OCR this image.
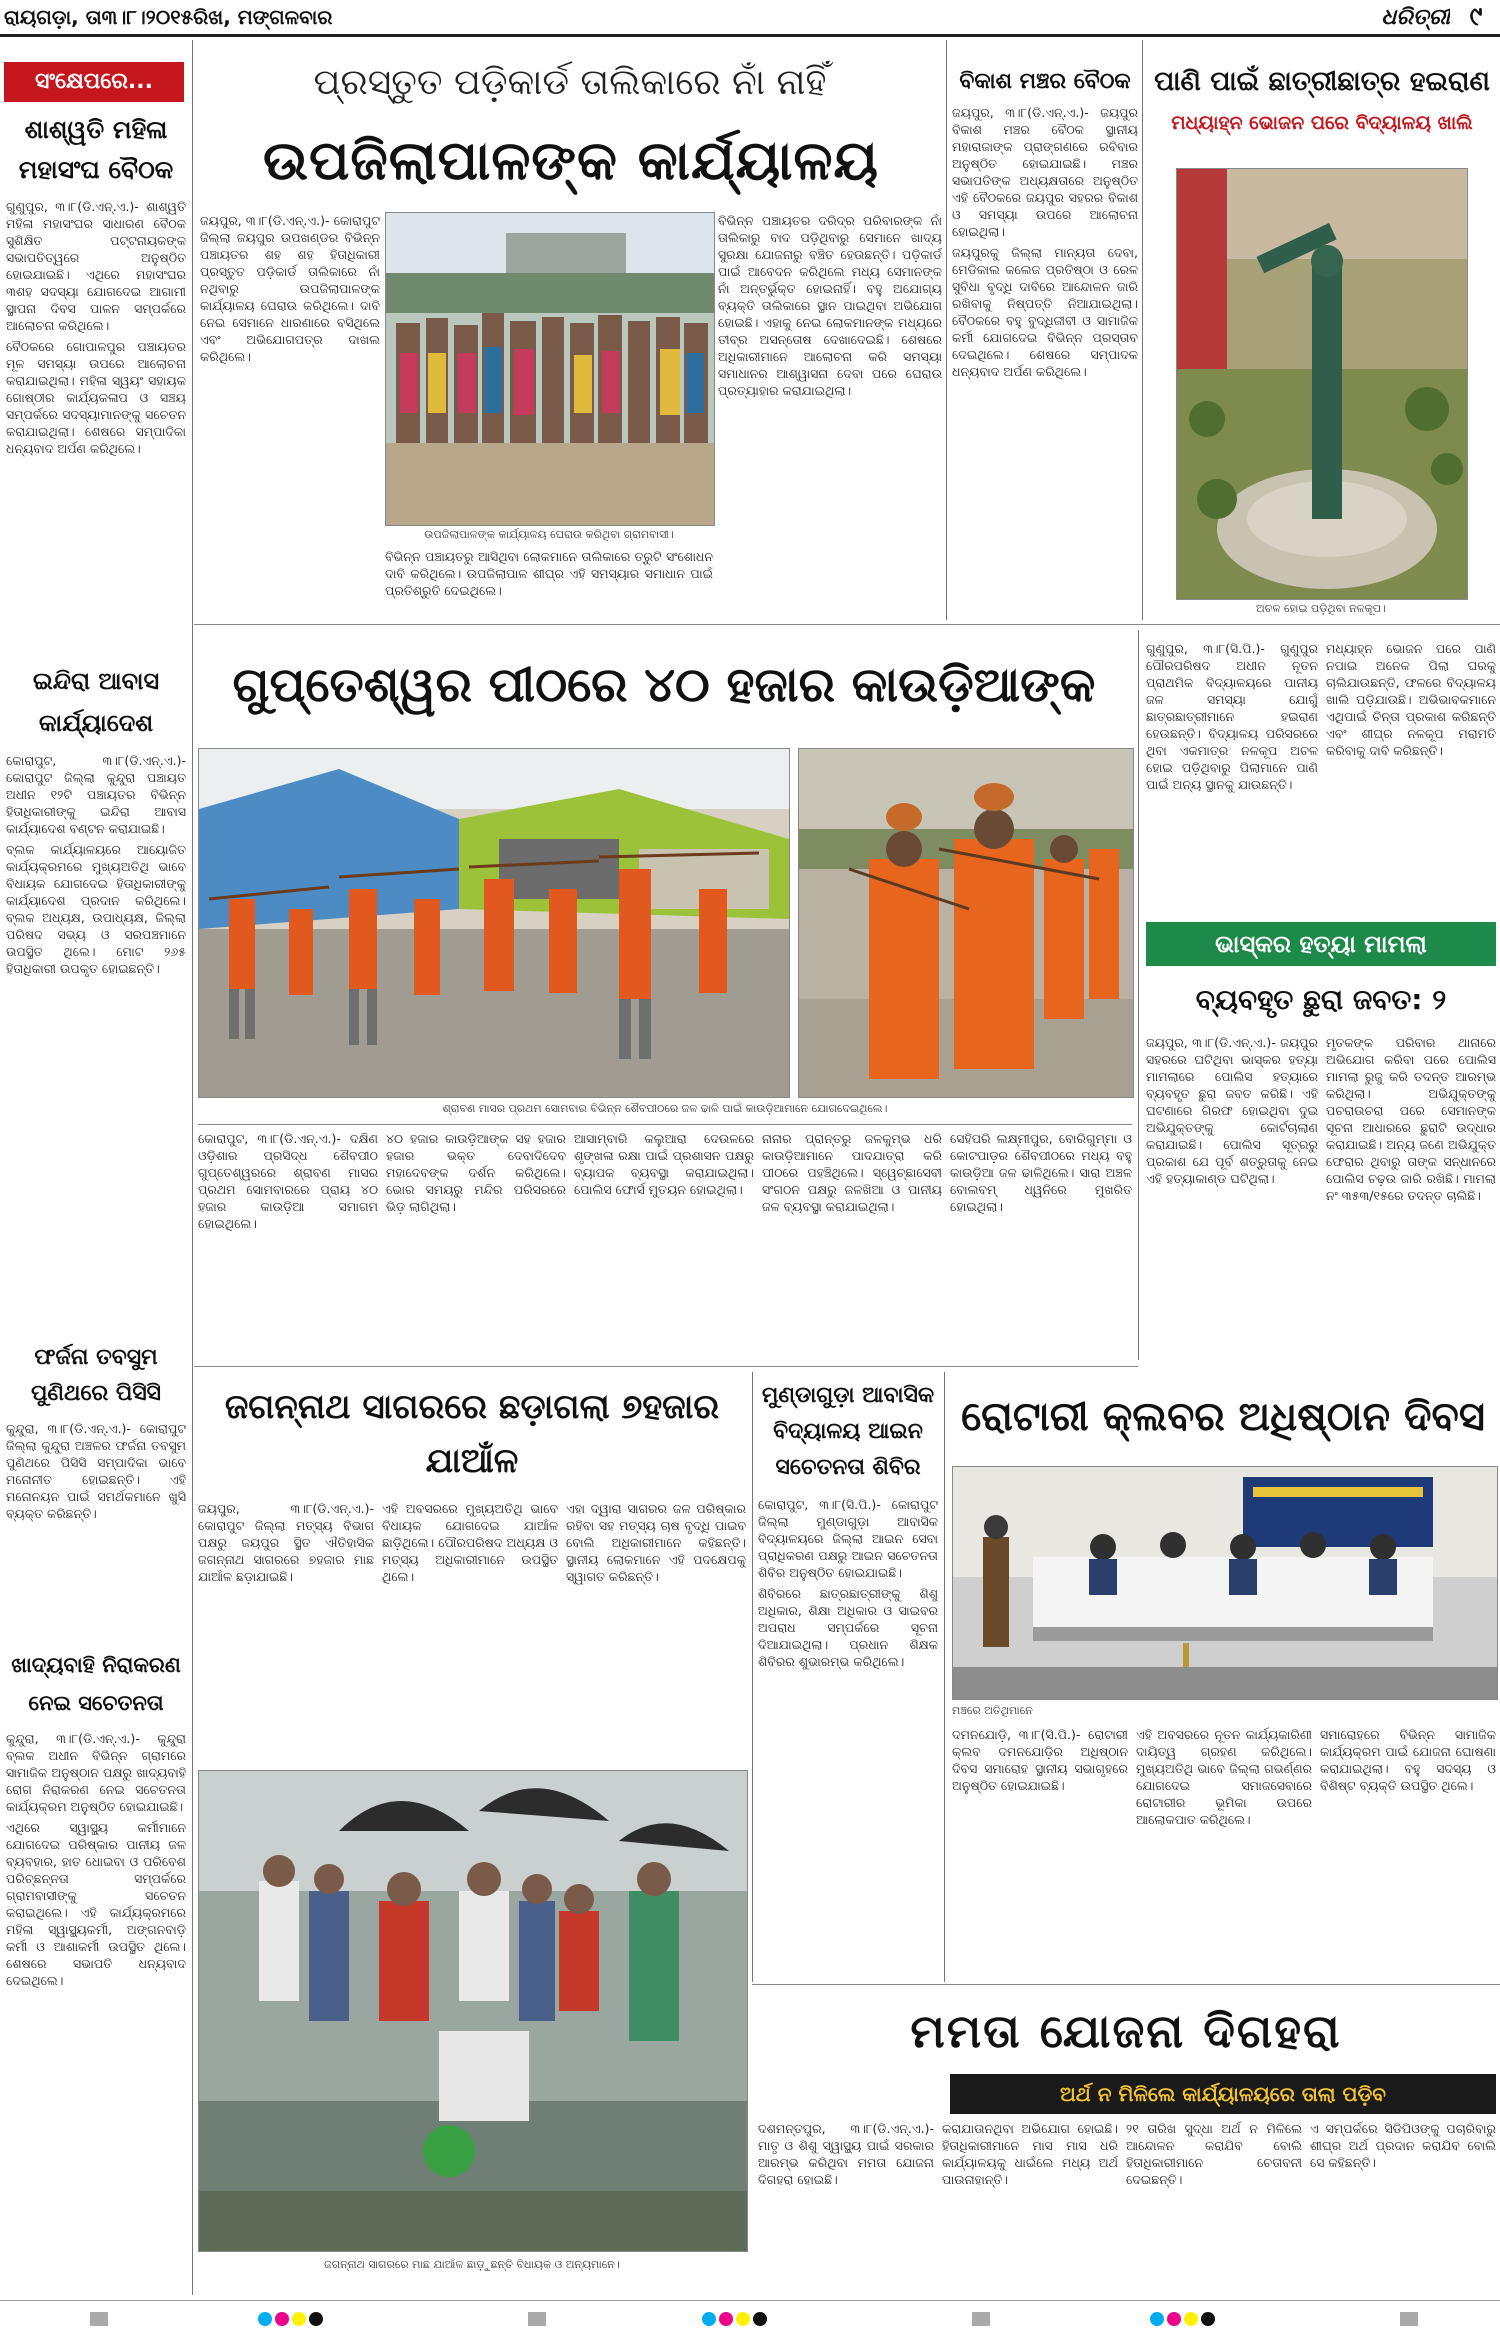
ରାୟଗଡ଼ା, ତା୩।୮।୨୦୧୫ରିଖ, ମଙ୍ଗଳବାର	ଧରିତ୍ରୀ ୯
ସଂକ୍ଷେପରେ...
ଶାଶ୍ୱତି ମହିଳା ମହାସଂଘ ବୈଠକ

ଗୁଣୁପୁର, ୩।୮(ଡି.ଏନ୍.ଏ.)- ଶାଶ୍ୱତି ମହିଳା ମହାସଂଘର ସାଧାରଣ ବୈଠକ ସୁଶିକ୍ଷିତ ପଟ୍ଟନାୟକଙ୍କ ସଭାପତିତ୍ୱରେ ଅନୁଷ୍ଠିତ ହୋଇଯାଇଛି। ଏଥିରେ ମହାସଂଘର ୩ଶହ ସଦସ୍ୟା ଯୋଗଦେଇ ଆଗାମୀ ସ୍ଥାପନା ଦିବସ ପାଳନ ସମ୍ପର୍କରେ ଆଲୋଚନା କରିଥିଲେ।

ବୈଠକରେ ଗୋପାଳପୁର ପଞ୍ଚାୟତର ମୂଳ ସମସ୍ୟା ଉପରେ ଆଲୋଚନା କରାଯାଇଥିଲା। ମହିଳା ସ୍ୱୟଂ ସହାୟକ ଗୋଷ୍ଠୀର କାର୍ଯ୍ୟକଳାପ ଓ ସଞ୍ଚୟ ସମ୍ପର୍କରେ ସଦସ୍ୟାମାନଙ୍କୁ ସଚେତନ କରାଯାଇଥିଲା। ଶେଷରେ ସମ୍ପାଦିକା ଧନ୍ୟବାଦ ଅର୍ପଣ କରିଥିଲେ।

ଇନ୍ଦିରା ଆବାସ କାର୍ଯ୍ୟାଦେଶ

କୋରାପୁଟ, ୩।୮(ଡି.ଏନ୍.ଏ.)- କୋରାପୁଟ ଜିଲ୍ଲା କୁନ୍ଦୁରା ପଞ୍ଚାୟତ ଅଧୀନ ୧୨ଟି ପଞ୍ଚାୟତର ବିଭିନ୍ନ ହିତାଧିକାରୀଙ୍କୁ ଇନ୍ଦିରା ଆବାସ କାର୍ଯ୍ୟାଦେଶ ବଣ୍ଟନ କରାଯାଇଛି।

ବ୍ଲକ କାର୍ଯ୍ୟାଳୟରେ ଆୟୋଜିତ କାର୍ଯ୍ୟକ୍ରମରେ ମୁଖ୍ୟଅତିଥି ଭାବେ ବିଧାୟକ ଯୋଗଦେଇ ହିତାଧିକାରୀଙ୍କୁ କାର୍ଯ୍ୟାଦେଶ ପ୍ରଦାନ କରିଥିଲେ। ବ୍ଲକ ଅଧ୍ୟକ୍ଷ, ଉପାଧ୍ୟକ୍ଷ, ଜିଲ୍ଲା ପରିଷଦ ସଭ୍ୟ ଓ ସରପଞ୍ଚମାନେ ଉପସ୍ଥିତ ଥିଲେ। ମୋଟ ୨୬୫ ହିତାଧିକାରୀ ଉପକୃତ ହୋଇଛନ୍ତି।

ଫର୍ଜନା ତବସୁମ ପୁଣିଥରେ ପିସିସି

କୁନ୍ଦୁରା, ୩।୮(ଡି.ଏନ୍.ଏ.)- କୋରାପୁଟ ଜିଲ୍ଲା କୁନ୍ଦୁରା ଅଞ୍ଚଳର ଫର୍ଜନା ତବସୁମ ପୁଣିଥରେ ପିସିସି ସମ୍ପାଦିକା ଭାବେ ମନୋନୀତ ହୋଇଛନ୍ତି। ଏହି ମନୋନୟନ ପାଇଁ ସମର୍ଥକମାନେ ଖୁସି ବ୍ୟକ୍ତ କରିଛନ୍ତି।

ଖାଦ୍ୟବାହି ନିରାକରଣ ନେଇ ସଚେତନତା

କୁନ୍ଦୁରା, ୩।୮(ଡି.ଏନ୍.ଏ.)- କୁନ୍ଦୁରା ବ୍ଲକ ଅଧୀନ ବିଭିନ୍ନ ଗ୍ରାମରେ ସାମାଜିକ ଅନୁଷ୍ଠାନ ପକ୍ଷରୁ ଖାଦ୍ୟବାହି ରୋଗ ନିରାକରଣ ନେଇ ସଚେତନତା କାର୍ଯ୍ୟକ୍ରମ ଅନୁଷ୍ଠିତ ହୋଇଯାଇଛି।

ଏଥିରେ ସ୍ୱାସ୍ଥ୍ୟ କର୍ମୀମାନେ ଯୋଗଦେଇ ପରିଷ୍କାର ପାନୀୟ ଜଳ ବ୍ୟବହାର, ହାତ ଧୋଇବା ଓ ପରିବେଶ ପରିଚ୍ଛନ୍ନତା ସମ୍ପର୍କରେ ଗ୍ରାମବାସୀଙ୍କୁ ସଚେତନ କରାଇଥିଲେ। ଏହି କାର୍ଯ୍ୟକ୍ରମରେ ମହିଳା ସ୍ୱାସ୍ଥ୍ୟକର୍ମୀ, ଅଙ୍ଗନବାଡ଼ି କର୍ମୀ ଓ ଆଶାକର୍ମୀ ଉପସ୍ଥିତ ଥିଲେ। ଶେଷରେ ସଭାପତି ଧନ୍ୟବାଦ ଦେଇଥିଲେ।

ପ୍ରସ୍ତୁତ ପଡ଼ିକାର୍ଡ ତାଲିକାରେ ନାଁ ନାହିଁ
ଉପଜିଲାପାଳଙ୍କ କାର୍ଯ୍ୟାଳୟ

ଜୟପୁର, ୩।୮(ଡି.ଏନ୍.ଏ.)- କୋରାପୁଟ ଜିଲ୍ଲା ଜୟପୁର ଉପଖଣ୍ଡର ବିଭିନ୍ନ ପଞ୍ଚାୟତର ଶହ ଶହ ହିତାଧିକାରୀ ପ୍ରସ୍ତୁତ ପଡ଼ିକାର୍ଡ ତାଲିକାରେ ନାଁ ନଥିବାରୁ ଉପଜିଲାପାଳଙ୍କ କାର୍ଯ୍ୟାଳୟ ଘେରାଉ କରିଥିଲେ। ଦାବି ନେଇ ସେମାନେ ଧାରଣାରେ ବସିଥିଲେ ଏବଂ ଅଭିଯୋଗପତ୍ର ଦାଖଲ କରିଥିଲେ।

ଉପଜିଲାପାଳଙ୍କ କାର୍ଯ୍ୟାଳୟ ଘେରାଉ କରିଥିବା ଗ୍ରାମବାସୀ।

ବିଭିନ୍ନ ପଞ୍ଚାୟତରୁ ଆସିଥିବା ଲୋକମାନେ ତାଲିକାରେ ତ୍ରୁଟି ସଂଶୋଧନ ଦାବି କରିଥିଲେ। ଉପଜିଲାପାଳ ଶୀଘ୍ର ଏହି ସମସ୍ୟାର ସମାଧାନ ପାଇଁ ପ୍ରତିଶ୍ରୁତି ଦେଇଥିଲେ।

ବିଭିନ୍ନ ପଞ୍ଚାୟତର ଦରିଦ୍ର ପରିବାରଙ୍କ ନାଁ ତାଲିକାରୁ ବାଦ ପଡ଼ିଥିବାରୁ ସେମାନେ ଖାଦ୍ୟ ସୁରକ୍ଷା ଯୋଜନାରୁ ବଞ୍ଚିତ ହେଉଛନ୍ତି। ପଡ଼ିକାର୍ଡ ପାଇଁ ଆବେଦନ କରିଥିଲେ ମଧ୍ୟ ସେମାନଙ୍କ ନାଁ ଅନ୍ତର୍ଭୁକ୍ତ ହୋଇନାହିଁ। ବହୁ ଅଯୋଗ୍ୟ ବ୍ୟକ୍ତି ତାଲିକାରେ ସ୍ଥାନ ପାଇଥିବା ଅଭିଯୋଗ ହୋଇଛି। ଏହାକୁ ନେଇ ଲୋକମାନଙ୍କ ମଧ୍ୟରେ ତୀବ୍ର ଅସନ୍ତୋଷ ଦେଖାଦେଇଛି। ଶେଷରେ ଅଧିକାରୀମାନେ ଆଲୋଚନା କରି ସମସ୍ୟା ସମାଧାନର ଆଶ୍ୱାସନା ଦେବା ପରେ ଘେରାଉ ପ୍ରତ୍ୟାହାର କରାଯାଇଥିଲା।

ବିକାଶ ମଞ୍ଚର ବୈଠକ

ଜୟପୁର, ୩।୮(ଡି.ଏନ୍.ଏ.)- ଜୟପୁର ବିକାଶ ମଞ୍ଚର ବୈଠକ ସ୍ଥାନୀୟ ମହାରାଜାଙ୍କ ପ୍ରାଙ୍ଗଣରେ ରବିବାର ଅନୁଷ୍ଠିତ ହୋଇଯାଇଛି। ମଞ୍ଚର ସଭାପତିଙ୍କ ଅଧ୍ୟକ୍ଷତାରେ ଅନୁଷ୍ଠିତ ଏହି ବୈଠକରେ ଜୟପୁର ସହରର ବିକାଶ ଓ ସମସ୍ୟା ଉପରେ ଆଲୋଚନା ହୋଇଥିଲା।

ଜୟପୁରକୁ ଜିଲ୍ଲା ମାନ୍ୟତା ଦେବା, ମେଡିକାଲ କଲେଜ ପ୍ରତିଷ୍ଠା ଓ ରେଳ ସୁବିଧା ବୃଦ୍ଧି ଦାବିରେ ଆନ୍ଦୋଳନ ଜାରି ରଖିବାକୁ ନିଷ୍ପତ୍ତି ନିଆଯାଇଥିଲା। ବୈଠକରେ ବହୁ ବୁଦ୍ଧିଜୀବୀ ଓ ସାମାଜିକ କର୍ମୀ ଯୋଗଦେଇ ବିଭିନ୍ନ ପ୍ରସ୍ତାବ ଦେଇଥିଲେ। ଶେଷରେ ସମ୍ପାଦକ ଧନ୍ୟବାଦ ଅର୍ପଣ କରିଥିଲେ।

ପାଣି ପାଇଁ ଛାତ୍ରୀଛାତ୍ର ହଇରାଣ
ମଧ୍ୟାହ୍ନ ଭୋଜନ ପରେ ବିଦ୍ୟାଳୟ ଖାଲି
ଅଚଳ ହୋଇ ପଡ଼ିଥିବା ନଳକୂପ।
ଗୁପ୍ତେଶ୍ୱର ପୀଠରେ ୪୦ ହଜାର କାଉଡ଼ିଆଙ୍କ
ଶ୍ରାବଣ ମାସର ପ୍ରଥମ ସୋମବାର ବିଭିନ୍ନ ଶୈବପୀଠରେ ଜଳ ଢାଳି ପାଇଁ କାଉଡ଼ିଆମାନେ ଯୋଗଦେଇଥିଲେ।

କୋରାପୁଟ, ୩।୮(ଡି.ଏନ୍.ଏ.)- ଦକ୍ଷିଣ ଓଡ଼ିଶାର ପ୍ରସିଦ୍ଧ ଶୈବପୀଠ ଗୁପ୍ତେଶ୍ୱରରେ ଶ୍ରାବଣ ମାସର ପ୍ରଥମ ସୋମବାରରେ ପ୍ରାୟ ୪୦ ହଜାର କାଉଡ଼ିଆ ସମାଗମ ହୋଇଥିଲେ।

୪୦ ହଜାର କାଉଡ଼ିଆଙ୍କ ସହ ହଜାର ହଜାର ଭକ୍ତ ଦେବାଦିଦେବ ମହାଦେବଙ୍କ ଦର୍ଶନ କରିଥିଲେ। ଭୋର ସମୟରୁ ମନ୍ଦିର ପରିସରରେ ଭିଡ଼ ଲାଗିଥିଲା।

ଆସାମ୍ବାରି କଲୁଆରା ଦେଉଳରେ ଶୃଙ୍ଖଳା ରକ୍ଷା ପାଇଁ ପ୍ରଶାସନ ପକ୍ଷରୁ ବ୍ୟାପକ ବ୍ୟବସ୍ଥା କରାଯାଇଥିଲା। ପୋଲିସ ଫୋର୍ସ ମୁତୟନ ହୋଇଥିଲା।

ନାନାର ପ୍ରାନ୍ତରୁ ଜଳକୁମ୍ଭ ଧରି କାଉଡ଼ିଆମାନେ ପାଦଯାତ୍ରା କରି ପୀଠରେ ପହଞ୍ଚିଥିଲେ। ସ୍ୱେଚ୍ଛାସେବୀ ସଂଗଠନ ପକ୍ଷରୁ ଜଳଖିଆ ଓ ପାନୀୟ ଜଳ ବ୍ୟବସ୍ଥା କରାଯାଇଥିଲା।

ସେହିପରି ଲକ୍ଷ୍ମୀପୁର, ବୋରିଗୁମ୍ମା ଓ କୋଟପାଡ଼ର ଶୈବପୀଠରେ ମଧ୍ୟ ବହୁ କାଉଡ଼ିଆ ଜଳ ଢାଳିଥିଲେ। ସାରା ଅଞ୍ଚଳ ବୋଲବମ୍ ଧ୍ୱନିରେ ମୁଖରିତ ହୋଇଥିଲା।

ଗୁଣୁପୁର, ୩।୮(ସି.ପି.)- ଗୁଣୁପୁର ପୌରପରିଷଦ ଅଧୀନ ନୂତନ ପ୍ରାଥମିକ ବିଦ୍ୟାଳୟରେ ପାନୀୟ ଜଳ ସମସ୍ୟା ଯୋଗୁଁ ଛାତ୍ରଛାତ୍ରୀମାନେ ହଇରାଣ ହେଉଛନ୍ତି। ବିଦ୍ୟାଳୟ ପରିସରରେ ଥିବା ଏକମାତ୍ର ନଳକୂପ ଅଚଳ ହୋଇ ପଡ଼ିଥିବାରୁ ପିଲାମାନେ ପାଣି ପାଇଁ ଅନ୍ୟ ସ୍ଥାନକୁ ଯାଉଛନ୍ତି।

ମଧ୍ୟାହ୍ନ ଭୋଜନ ପରେ ପାଣି ନପାଇ ଅନେକ ପିଲା ଘରକୁ ଚାଲିଯାଉଛନ୍ତି, ଫଳରେ ବିଦ୍ୟାଳୟ ଖାଲି ପଡ଼ିଯାଉଛି। ଅଭିଭାବକମାନେ ଏଥିପାଇଁ ଚିନ୍ତା ପ୍ରକାଶ କରିଛନ୍ତି ଏବଂ ଶୀଘ୍ର ନଳକୂପ ମରାମତି କରିବାକୁ ଦାବି କରିଛନ୍ତି।

ଭାସ୍କର ହତ୍ୟା ମାମଲା
ବ୍ୟବହୃତ ଛୁରା ଜବତ: ୨

ଜୟପୁର, ୩।୮(ଡି.ଏନ୍.ଏ.)- ଜୟପୁର ସହରରେ ଘଟିଥିବା ଭାସ୍କର ହତ୍ୟା ମାମଲାରେ ପୋଲିସ ହତ୍ୟାରେ ବ୍ୟବହୃତ ଛୁରା ଜବତ କରିଛି। ଏହି ଘଟଣାରେ ଗିରଫ ହୋଇଥିବା ଦୁଇ ଅଭିଯୁକ୍ତଙ୍କୁ କୋର୍ଟଚାଲାଣ କରାଯାଇଛି। ପୋଲିସ ସୂତ୍ରରୁ ପ୍ରକାଶ ଯେ ପୂର୍ବ ଶତ୍ରୁତାକୁ ନେଇ ଏହି ହତ୍ୟାକାଣ୍ଡ ଘଟିଥିଲା।

ମୃତକଙ୍କ ପରିବାର ଥାନାରେ ଅଭିଯୋଗ କରିବା ପରେ ପୋଲିସ ମାମଲା ରୁଜୁ କରି ତଦନ୍ତ ଆରମ୍ଭ କରିଥିଲା। ଅଭିଯୁକ୍ତଙ୍କୁ ପଚରାଉଚରା ପରେ ସେମାନଙ୍କ ସୂଚନା ଆଧାରରେ ଛୁରାଟି ଉଦ୍ଧାର କରାଯାଇଛି। ଅନ୍ୟ ଜଣେ ଅଭିଯୁକ୍ତ ଫେରାର ଥିବାରୁ ତାଙ୍କ ସନ୍ଧାନରେ ପୋଲିସ ଚଢ଼ଉ ଜାରି ରଖିଛି। ମାମଲା ନଂ ୩୫୩/୧୫ରେ ତଦନ୍ତ ଚାଲିଛି।

ଜଗନ୍ନାଥ ସାଗରରେ ଛଡ଼ାଗଲା ୭ହଜାର ଯାଆଁଳ

ଜୟପୁର, ୩।୮(ଡି.ଏନ୍.ଏ.)- କୋରାପୁଟ ଜିଲ୍ଲା ମତ୍ସ୍ୟ ବିଭାଗ ପକ୍ଷରୁ ଜୟପୁର ସ୍ଥିତ ଐତିହାସିକ ଜଗନ୍ନାଥ ସାଗରରେ ୭ହଜାର ମାଛ ଯାଆଁଳ ଛଡ଼ାଯାଇଛି।

ଏହି ଅବସରରେ ମୁଖ୍ୟଅତିଥି ଭାବେ ବିଧାୟକ ଯୋଗଦେଇ ଯାଆଁଳ ଛାଡ଼ିଥିଲେ। ପୌରପରିଷଦ ଅଧ୍ୟକ୍ଷ ଓ ମତ୍ସ୍ୟ ଅଧିକାରୀମାନେ ଉପସ୍ଥିତ ଥିଲେ।

ଏହା ଦ୍ୱାରା ସାଗରର ଜଳ ପରିଷ୍କାର ରହିବା ସହ ମତ୍ସ୍ୟ ଚାଷ ବୃଦ୍ଧି ପାଇବ ବୋଲି ଅଧିକାରୀମାନେ କହିଛନ୍ତି। ସ୍ଥାନୀୟ ଲୋକମାନେ ଏହି ପଦକ୍ଷେପକୁ ସ୍ୱାଗତ କରିଛନ୍ତି।

ଜଗନ୍ନାଥ ସାଗରରେ ମାଛ ଯାଆଁଳ ଛାଡ଼ୁଛନ୍ତି ବିଧାୟକ ଓ ଅନ୍ୟମାନେ।
ମୁଣ୍ଡାଗୁଡ଼ା ଆବାସିକ ବିଦ୍ୟାଳୟ ଆଇନ ସଚେତନତା ଶିବିର

କୋରାପୁଟ, ୩।୮(ସି.ପି.)- କୋରାପୁଟ ଜିଲ୍ଲା ମୁଣ୍ଡାଗୁଡ଼ା ଆବାସିକ ବିଦ୍ୟାଳୟରେ ଜିଲ୍ଲା ଆଇନ ସେବା ପ୍ରାଧିକରଣ ପକ୍ଷରୁ ଆଇନ ସଚେତନତା ଶିବିର ଅନୁଷ୍ଠିତ ହୋଇଯାଇଛି।

ଶିବିରରେ ଛାତ୍ରଛାତ୍ରୀଙ୍କୁ ଶିଶୁ ଅଧିକାର, ଶିକ୍ଷା ଅଧିକାର ଓ ସାଇବର ଅପରାଧ ସମ୍ପର୍କରେ ସୂଚନା ଦିଆଯାଇଥିଲା। ପ୍ରଧାନ ଶିକ୍ଷକ ଶିବିରର ଶୁଭାରମ୍ଭ କରିଥିଲେ।

ରୋଟାରୀ କ୍ଲବର ଅଧିଷ୍ଠାନ ଦିବସ
ମଞ୍ଚରେ ଅତିଥିମାନେ

ଦମନଯୋଡ଼ି, ୩।୮(ସି.ପି.)- ରୋଟାରୀ କ୍ଲବ ଦମନଯୋଡ଼ିର ଅଧିଷ୍ଠାନ ଦିବସ ସମାରୋହ ସ୍ଥାନୀୟ ସଭାଗୃହରେ ଅନୁଷ୍ଠିତ ହୋଇଯାଇଛି।

ଏହି ଅବସରରେ ନୂତନ କାର୍ଯ୍ୟକାରିଣୀ ଦାୟିତ୍ୱ ଗ୍ରହଣ କରିଥିଲେ। ମୁଖ୍ୟଅତିଥି ଭାବେ ଜିଲ୍ଲା ଗଭର୍ଣ୍ଣର ଯୋଗଦେଇ ସମାଜସେବାରେ ରୋଟାରୀର ଭୂମିକା ଉପରେ ଆଲୋକପାତ କରିଥିଲେ।

ସମାରୋହରେ ବିଭିନ୍ନ ସାମାଜିକ କାର୍ଯ୍ୟକ୍ରମ ପାଇଁ ଯୋଜନା ଘୋଷଣା କରାଯାଇଥିଲା। ବହୁ ସଦସ୍ୟ ଓ ବିଶିଷ୍ଟ ବ୍ୟକ୍ତି ଉପସ୍ଥିତ ଥିଲେ।

ମମତା ଯୋଜନା ଦିଗହରା
ଅର୍ଥ ନ ମିଳିଲେ କାର୍ଯ୍ୟାଳୟରେ ତାଲା ପଡ଼ିବ

ଦଶମନ୍ତପୁର, ୩।୮(ଡି.ଏନ୍.ଏ.)- ମାତୃ ଓ ଶିଶୁ ସ୍ୱାସ୍ଥ୍ୟ ପାଇଁ ସରକାର ଆରମ୍ଭ କରିଥିବା ମମତା ଯୋଜନା ଦିଗହରା ହୋଇଛି।

କରାଯାଉନଥିବା ଅଭିଯୋଗ ହୋଇଛି। ହିତାଧିକାରୀମାନେ ମାସ ମାସ ଧରି କାର୍ଯ୍ୟାଳୟକୁ ଧାଇଁଲେ ମଧ୍ୟ ଅର୍ଥ ପାଉନାହାନ୍ତି।

୨୧ ତାରିଖ ସୁଦ୍ଧା ଅର୍ଥ ନ ମିଳିଲେ ଆନ୍ଦୋଳନ କରାଯିବ ବୋଲି ହିତାଧିକାରୀମାନେ ଚେତାବନୀ ଦେଇଛନ୍ତି।

ଏ ସମ୍ପର୍କରେ ସିଡିପିଓଙ୍କୁ ପଚାରିବାରୁ ଶୀଘ୍ର ଅର୍ଥ ପ୍ରଦାନ କରାଯିବ ବୋଲି ସେ କହିଛନ୍ତି।
